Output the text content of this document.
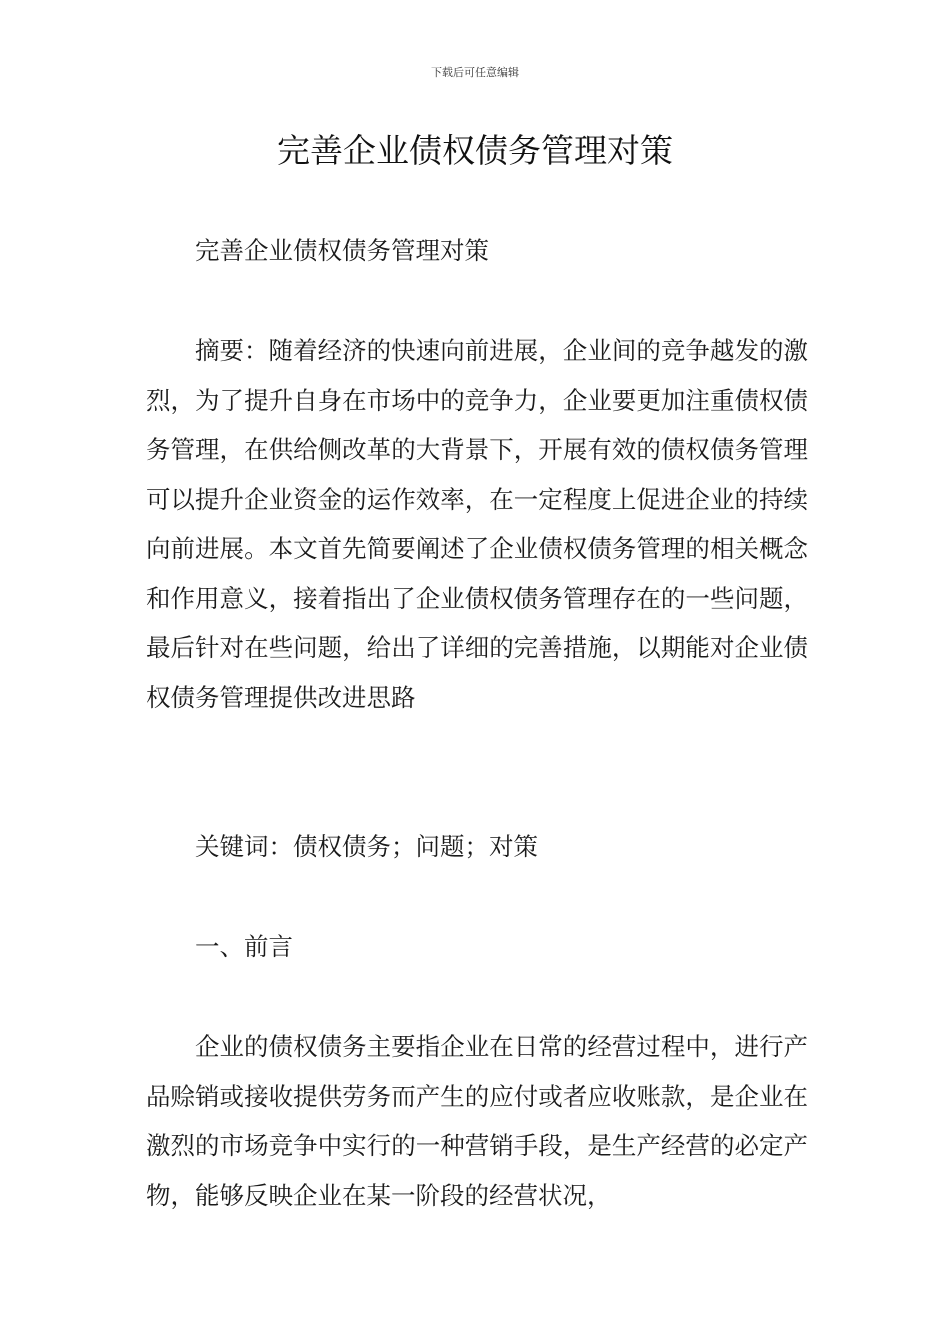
下载后可任意编辑
完善企业债权债务管理对策

完善企业债权债务管理对策

摘要：随着经济的快速向前进展，企业间的竞争越发的激烈，为了提升自身在市场中的竞争力，企业要更加注重债权债务管理，在供给侧改革的大背景下，开展有效的债权债务管理可以提升企业资金的运作效率，在一定程度上促进企业的持续向前进展。本文首先简要阐述了企业债权债务管理的相关概念和作用意义，接着指出了企业债权债务管理存在的一些问题，最后针对在些问题，给出了详细的完善措施，以期能对企业债权债务管理提供改进思路

关键词：债权债务；问题；对策

一、前言

企业的债权债务主要指企业在日常的经营过程中，进行产品赊销或接收提供劳务而产生的应付或者应收账款，是企业在激烈的市场竞争中实行的一种营销手段，是生产经营的必定产物，能够反映企业在某一阶段的经营状况，
